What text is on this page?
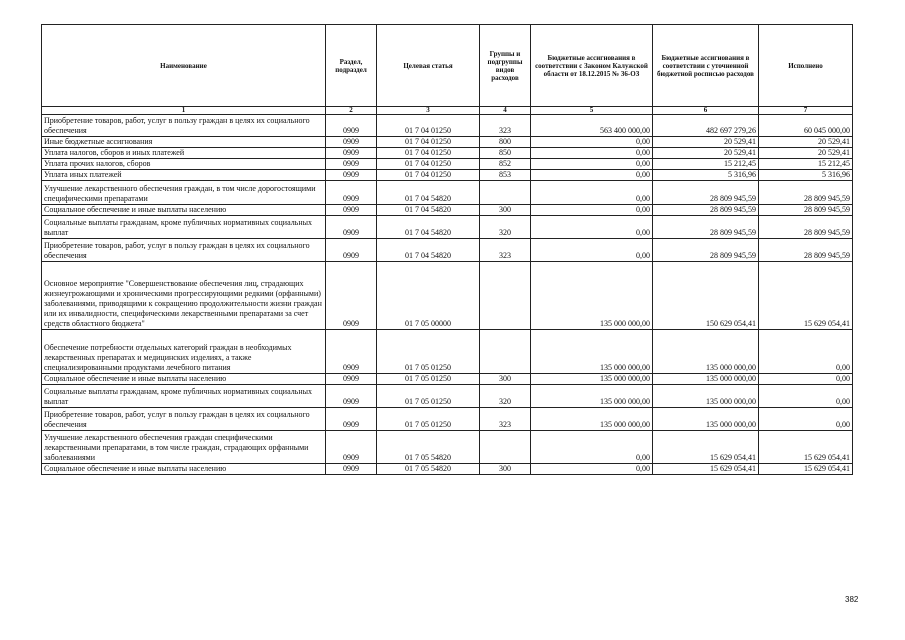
Наименование	Раздел, подраздел	Целевая статья	Группы и подгруппы видов расходов	Бюджетные ассигнования в соответствии с Законом Калужской области от 18.12.2015 № 36-ОЗ	Бюджетные ассигнования в соответствии с уточненной бюджетной росписью расходов	Исполнено
1	2	3	4	5	6	7
Приобретение товаров, работ, услуг в пользу граждан в целях их социального обеспечения	0909	01 7 04 01250	323	563 400 000,00	482 697 279,26	60 045 000,00
Иные бюджетные ассигнования	0909	01 7 04 01250	800	0,00	20 529,41	20 529,41
Уплата налогов, сборов и иных платежей	0909	01 7 04 01250	850	0,00	20 529,41	20 529,41
Уплата прочих налогов, сборов	0909	01 7 04 01250	852	0,00	15 212,45	15 212,45
Уплата иных платежей	0909	01 7 04 01250	853	0,00	5 316,96	5 316,96
Улучшение лекарственного обеспечения граждан, в том числе дорогостоящими специфическими препаратами	0909	01 7 04 54820		0,00	28 809 945,59	28 809 945,59
Социальное обеспечение и иные выплаты населению	0909	01 7 04 54820	300	0,00	28 809 945,59	28 809 945,59
Социальные выплаты гражданам, кроме публичных нормативных социальных выплат	0909	01 7 04 54820	320	0,00	28 809 945,59	28 809 945,59
Приобретение товаров, работ, услуг в пользу граждан в целях их социального обеспечения	0909	01 7 04 54820	323	0,00	28 809 945,59	28 809 945,59
Основное мероприятие "Совершенствование обеспечения лиц, страдающих жизнеугрожающими и хроническими прогрессирующими редкими (орфанными) заболеваниями, приводящими к сокращению продолжительности жизни граждан или их инвалидности, специфическими лекарственными препаратами за счет средств областного бюджета"	0909	01 7 05 00000		135 000 000,00	150 629 054,41	15 629 054,41
Обеспечение потребности отдельных категорий граждан в необходимых лекарственных препаратах и медицинских изделиях, а также специализированными продуктами лечебного питания	0909	01 7 05 01250		135 000 000,00	135 000 000,00	0,00
Социальное обеспечение и иные выплаты населению	0909	01 7 05 01250	300	135 000 000,00	135 000 000,00	0,00
Социальные выплаты гражданам, кроме публичных нормативных социальных выплат	0909	01 7 05 01250	320	135 000 000,00	135 000 000,00	0,00
Приобретение товаров, работ, услуг в пользу граждан в целях их социального обеспечения	0909	01 7 05 01250	323	135 000 000,00	135 000 000,00	0,00
Улучшение лекарственного обеспечения граждан специфическими лекарственными препаратами, в том числе граждан, страдающих орфанными заболеваниями	0909	01 7 05 54820		0,00	15 629 054,41	15 629 054,41
Социальное обеспечение и иные выплаты населению	0909	01 7 05 54820	300	0,00	15 629 054,41	15 629 054,41
382
